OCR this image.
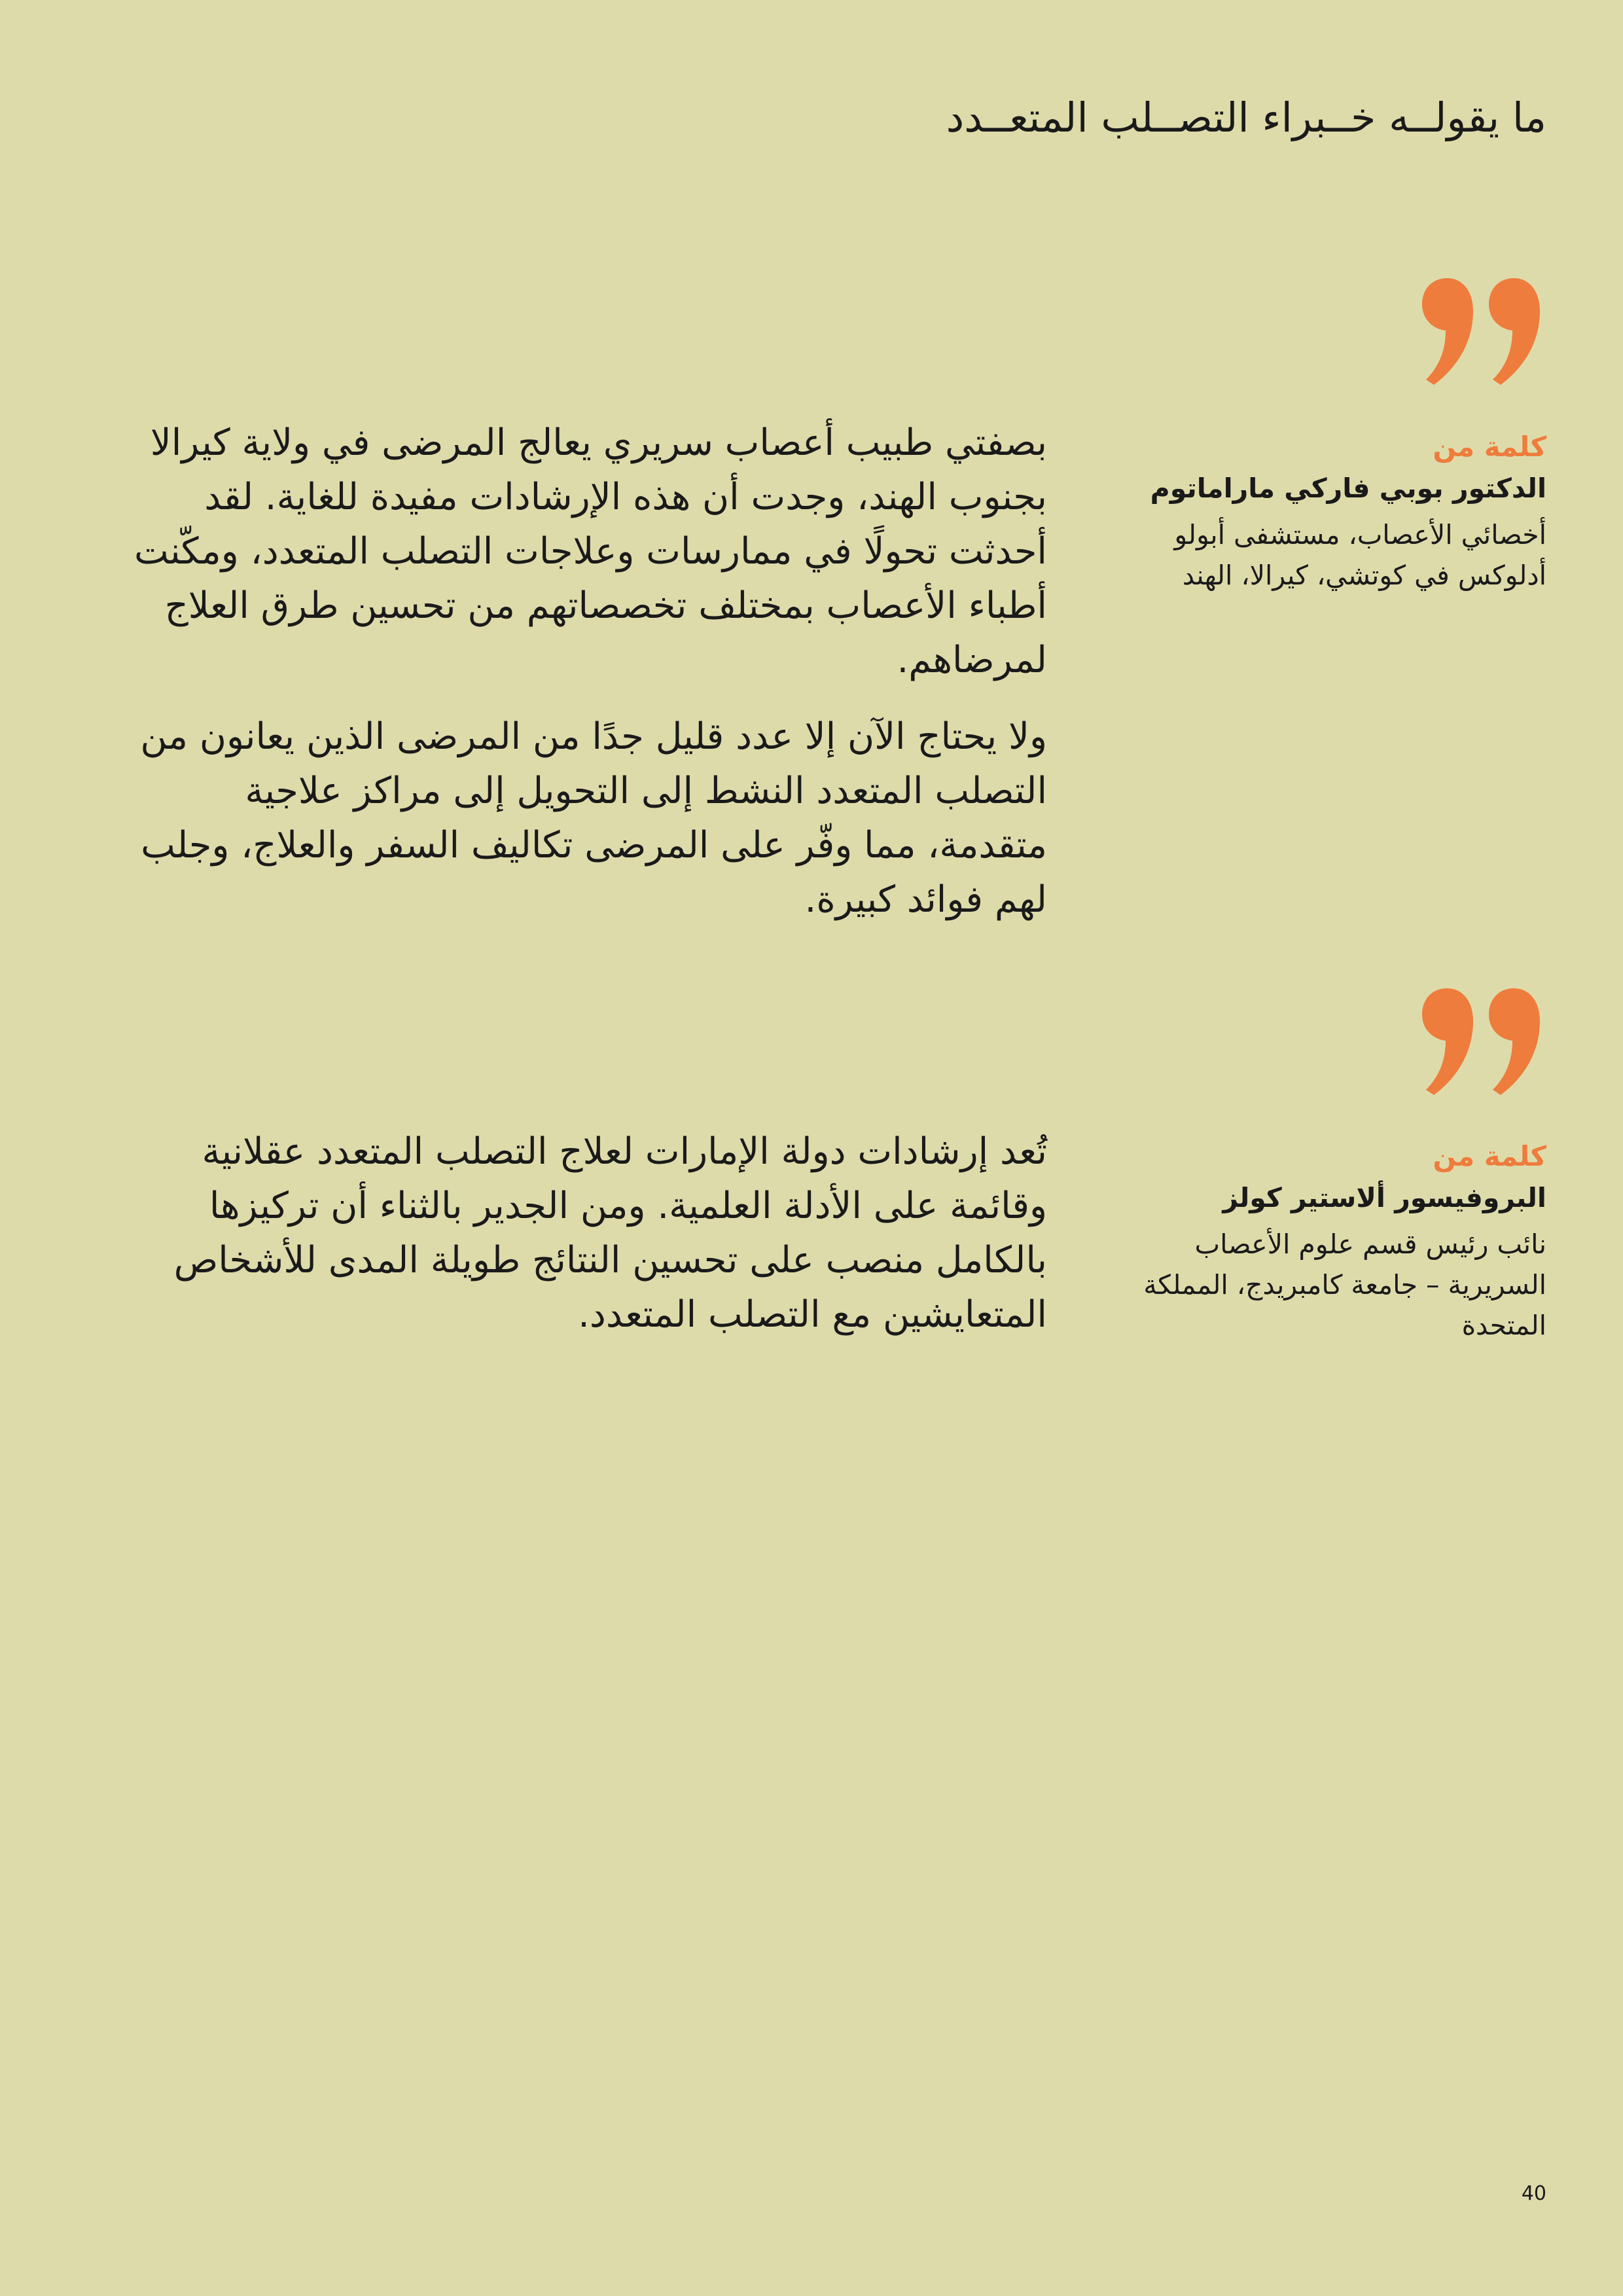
ما يقولــه خــبراء التصــلب المتعــدد
كلمة من
الدكتور بوبي فاركي ماراماتوم
أخصائي الأعصاب، مستشفى أبولو أدلوكس في كوتشي، كيرالا، الهند

بصفتي طبيب أعصاب سريري يعالج المرضى في ولاية كيرالا بجنوب الهند، وجدت أن هذه الإرشادات مفيدة للغاية. لقد أحدثت تحولًا في ممارسات وعلاجات التصلب المتعدد، ومكّنت أطباء الأعصاب بمختلف تخصصاتهم من تحسين طرق العلاج لمرضاهم.

ولا يحتاج الآن إلا عدد قليل جدًا من المرضى الذين يعانون من التصلب المتعدد النشط إلى التحويل إلى مراكز علاجية متقدمة، مما وفّر على المرضى تكاليف السفر والعلاج، وجلب لهم فوائد كبيرة.

كلمة من
البروفيسور ألاستير كولز
نائب رئيس قسم علوم الأعصاب السريرية – جامعة كامبريدج، المملكة المتحدة

تُعد إرشادات دولة الإمارات لعلاج التصلب المتعدد عقلانية وقائمة على الأدلة العلمية. ومن الجدير بالثناء أن تركيزها بالكامل منصب على تحسين النتائج طويلة المدى للأشخاص المتعايشين مع التصلب المتعدد.

40
